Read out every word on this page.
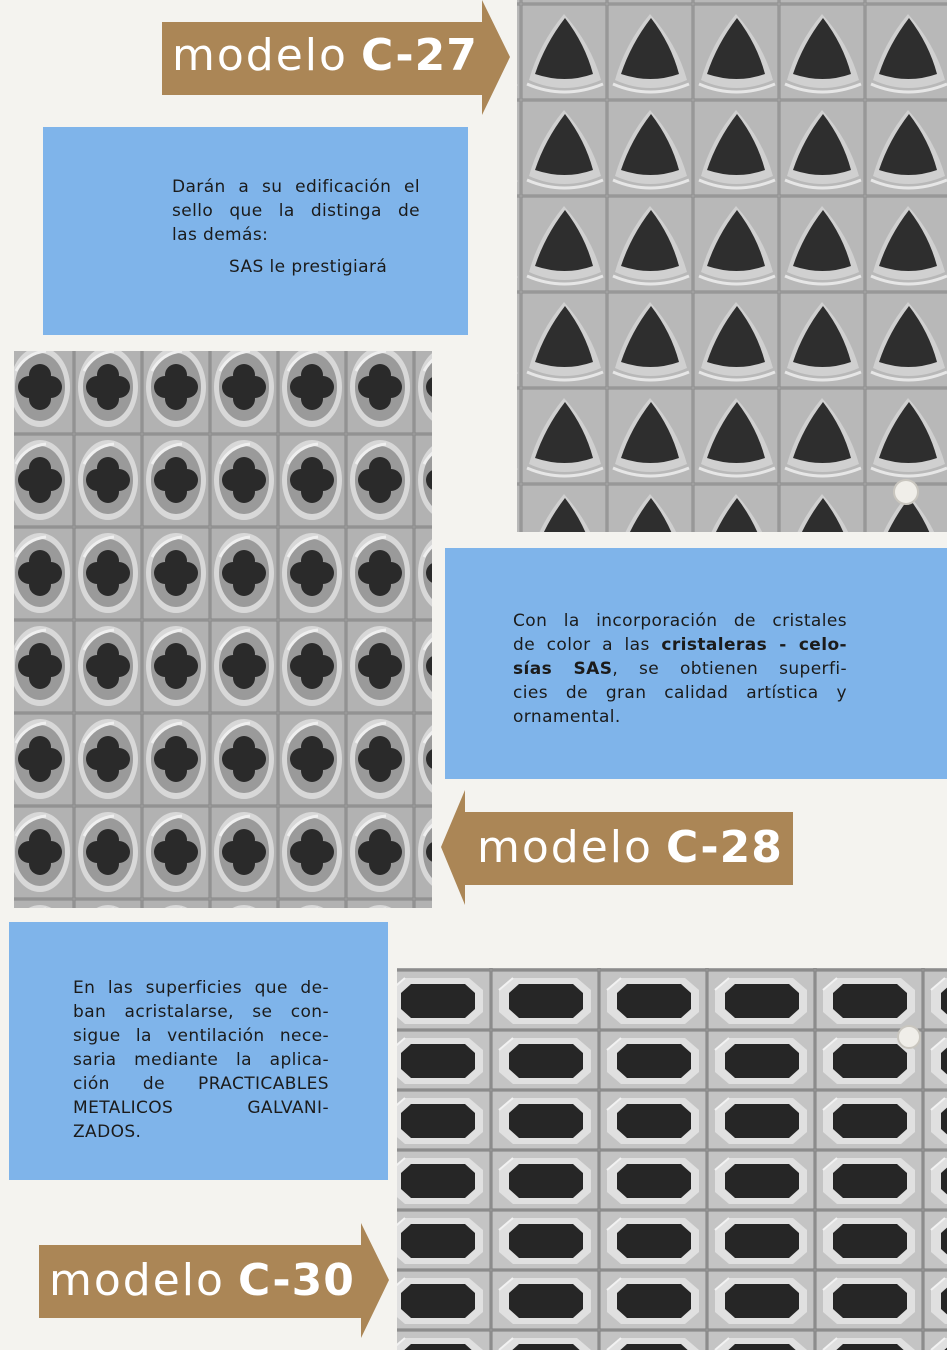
modelo C-27

Darán a su edificación el
sello que la distinga de
las demás:
SAS le prestigiará

Con la incorporación de cristales
de color a las cristaleras - celo-
sías SAS, se obtienen superfi-
cies de gran calidad artística y
ornamental.

modelo C-28

En las superficies que de-
ban acristalarse, se con-
sigue la ventilación nece-
saria mediante la aplica-
ción de PRACTICABLES
METALICOS GALVANI-
ZADOS.

modelo C-30
